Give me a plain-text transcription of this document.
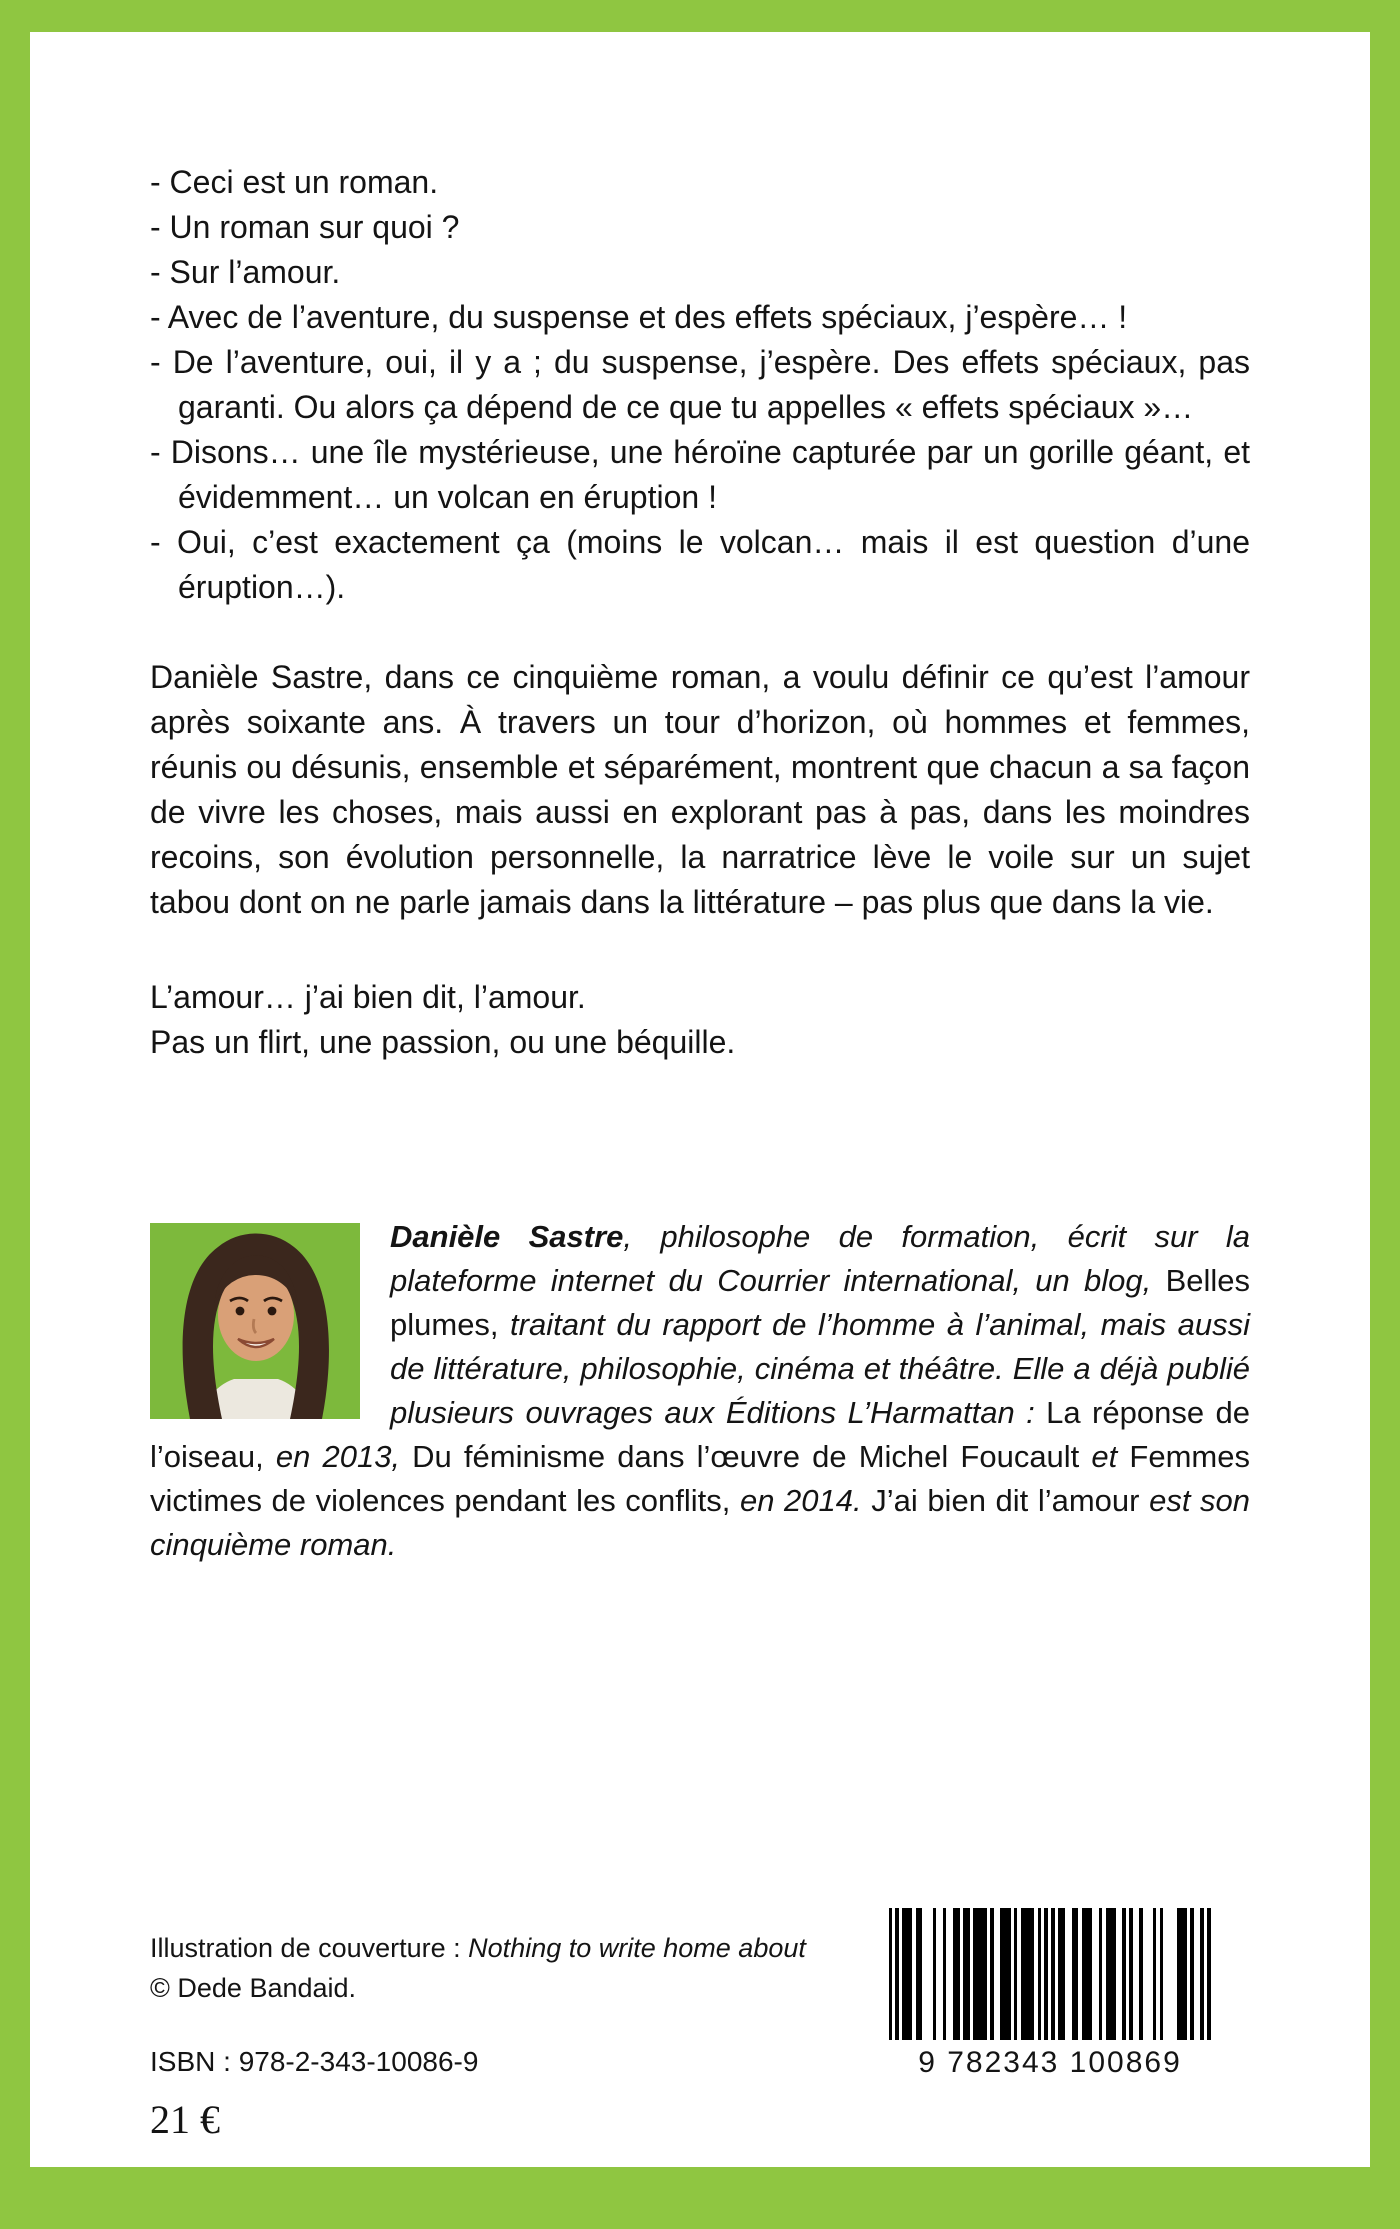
- Ceci est un roman.

- Un roman sur quoi ?

- Sur l’amour.

- Avec de l’aventure, du suspense et des effets spéciaux, j’espère… !

- De l’aventure, oui, il y a ; du suspense, j’espère. Des effets spéciaux, pas garanti. Ou alors ça dépend de ce que tu appelles « effets spéciaux »…

- Disons… une île mystérieuse, une héroïne capturée par un gorille géant, et évidemment… un volcan en éruption !

- Oui, c’est exactement ça (moins le volcan… mais il est question d’une éruption…).

Danièle Sastre, dans ce cinquième roman, a voulu définir ce qu’est l’amour après soixante ans. À travers un tour d’horizon, où hommes et femmes, réunis ou désunis, ensemble et séparément, montrent que chacun a sa façon de vivre les choses, mais aussi en explorant pas à pas, dans les moindres recoins, son évolution personnelle, la narratrice lève le voile sur un sujet tabou dont on ne parle jamais dans la littérature – pas plus que dans la vie.

L’amour… j’ai bien dit, l’amour.

Pas un flirt, une passion, ou une béquille.

Danièle Sastre, philosophe de formation, écrit sur la plateforme internet du Courrier international, un blog, Belles plumes, traitant du rapport de l’homme à l’animal, mais aussi de littérature, philosophie, cinéma et théâtre. Elle a déjà publié plusieurs ouvrages aux Éditions L’Harmattan : La réponse de l’oiseau, en 2013, Du féminisme dans l’œuvre de Michel Foucault et Femmes victimes de violences pendant les conflits, en 2014. J’ai bien dit l’amour est son cinquième roman.
Illustration de couverture : Nothing to write home about
© Dede Bandaid.

ISBN : 978-2-343-10086-9

21 €

9 782343 100869
